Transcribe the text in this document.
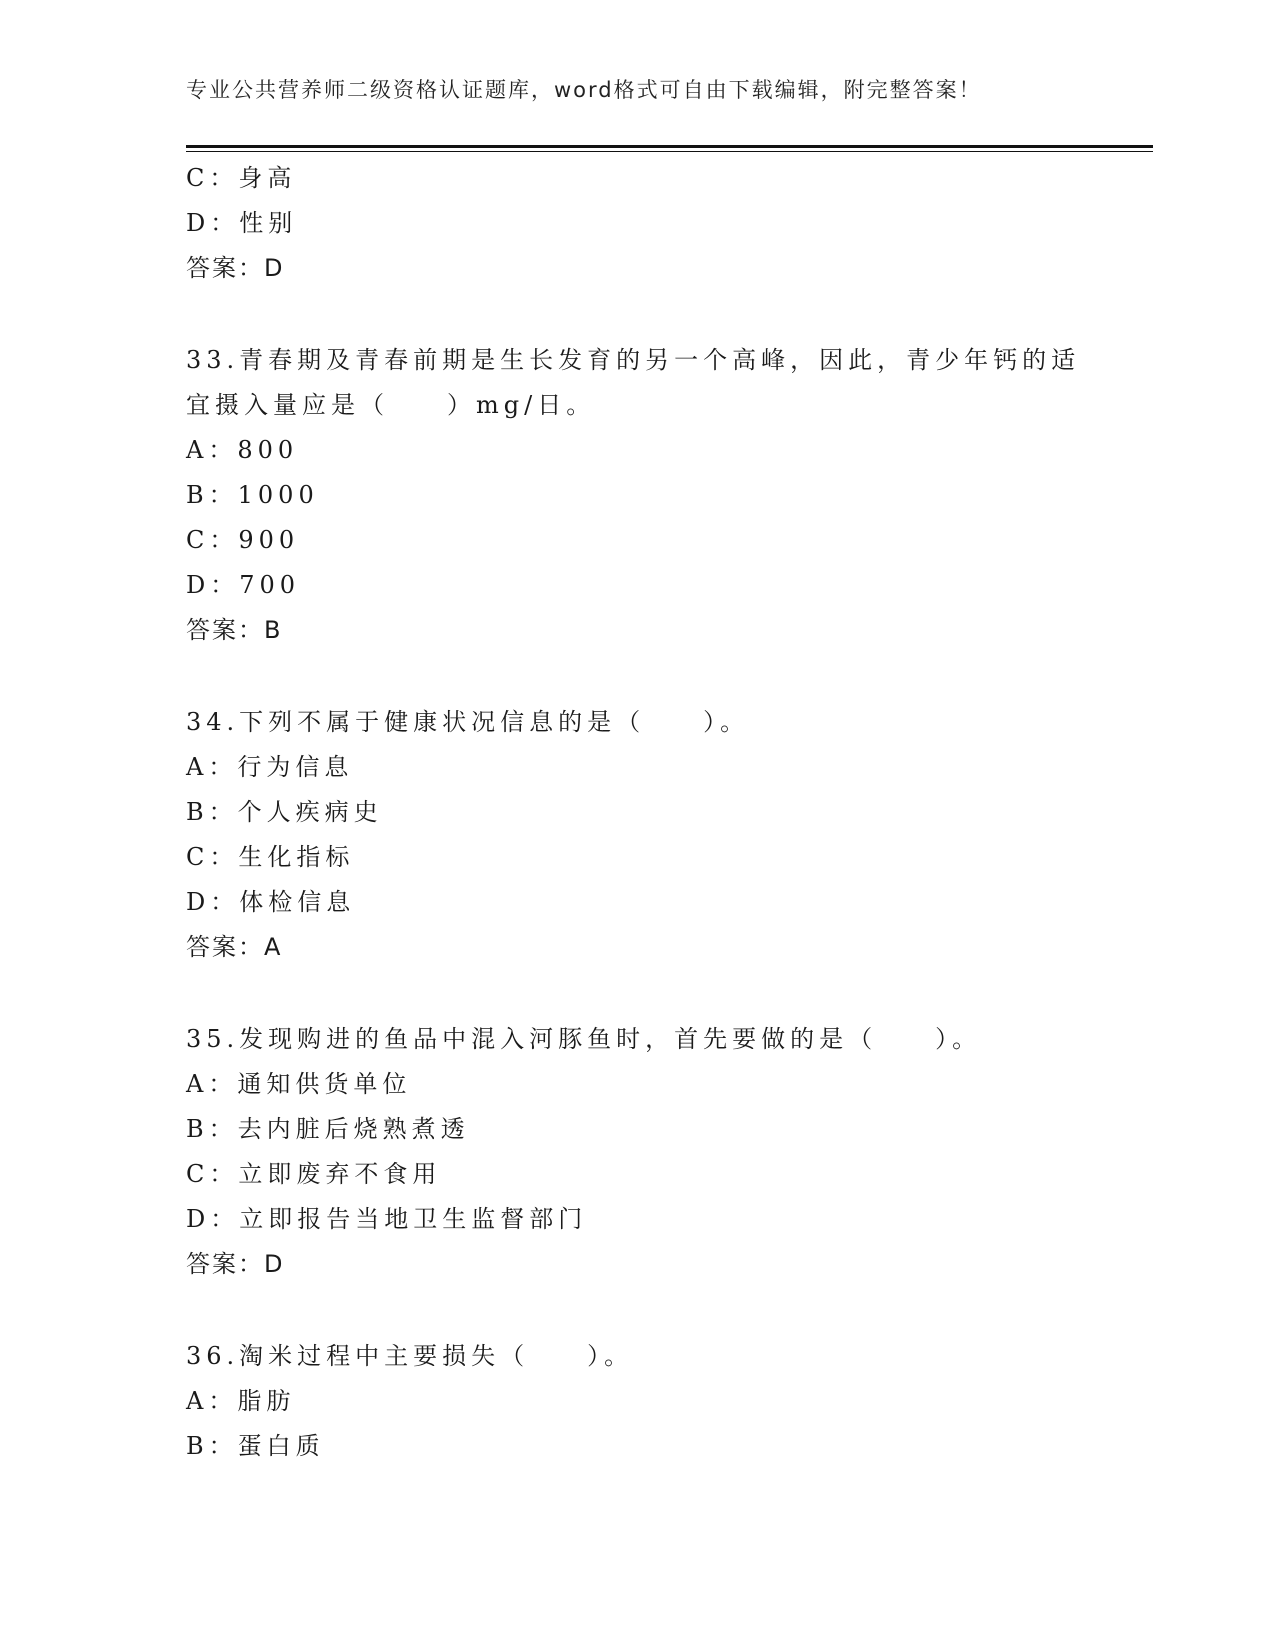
专业公共营养师二级资格认证题库，word格式可自由下载编辑，附完整答案！
C：身高
D：性别
答案：D
33.青春期及青春前期是生长发育的另一个高峰，因此，青少年钙的适
宜摄入量应是（　　）mg/日。
A：800
B：1000
C：900
D：700
答案：B
34.下列不属于健康状况信息的是（　　）。
A：行为信息
B：个人疾病史
C：生化指标
D：体检信息
答案：A
35.发现购进的鱼品中混入河豚鱼时，首先要做的是（　　）。
A：通知供货单位
B：去内脏后烧熟煮透
C：立即废弃不食用
D：立即报告当地卫生监督部门
答案：D
36.淘米过程中主要损失（　　）。
A：脂肪
B：蛋白质
